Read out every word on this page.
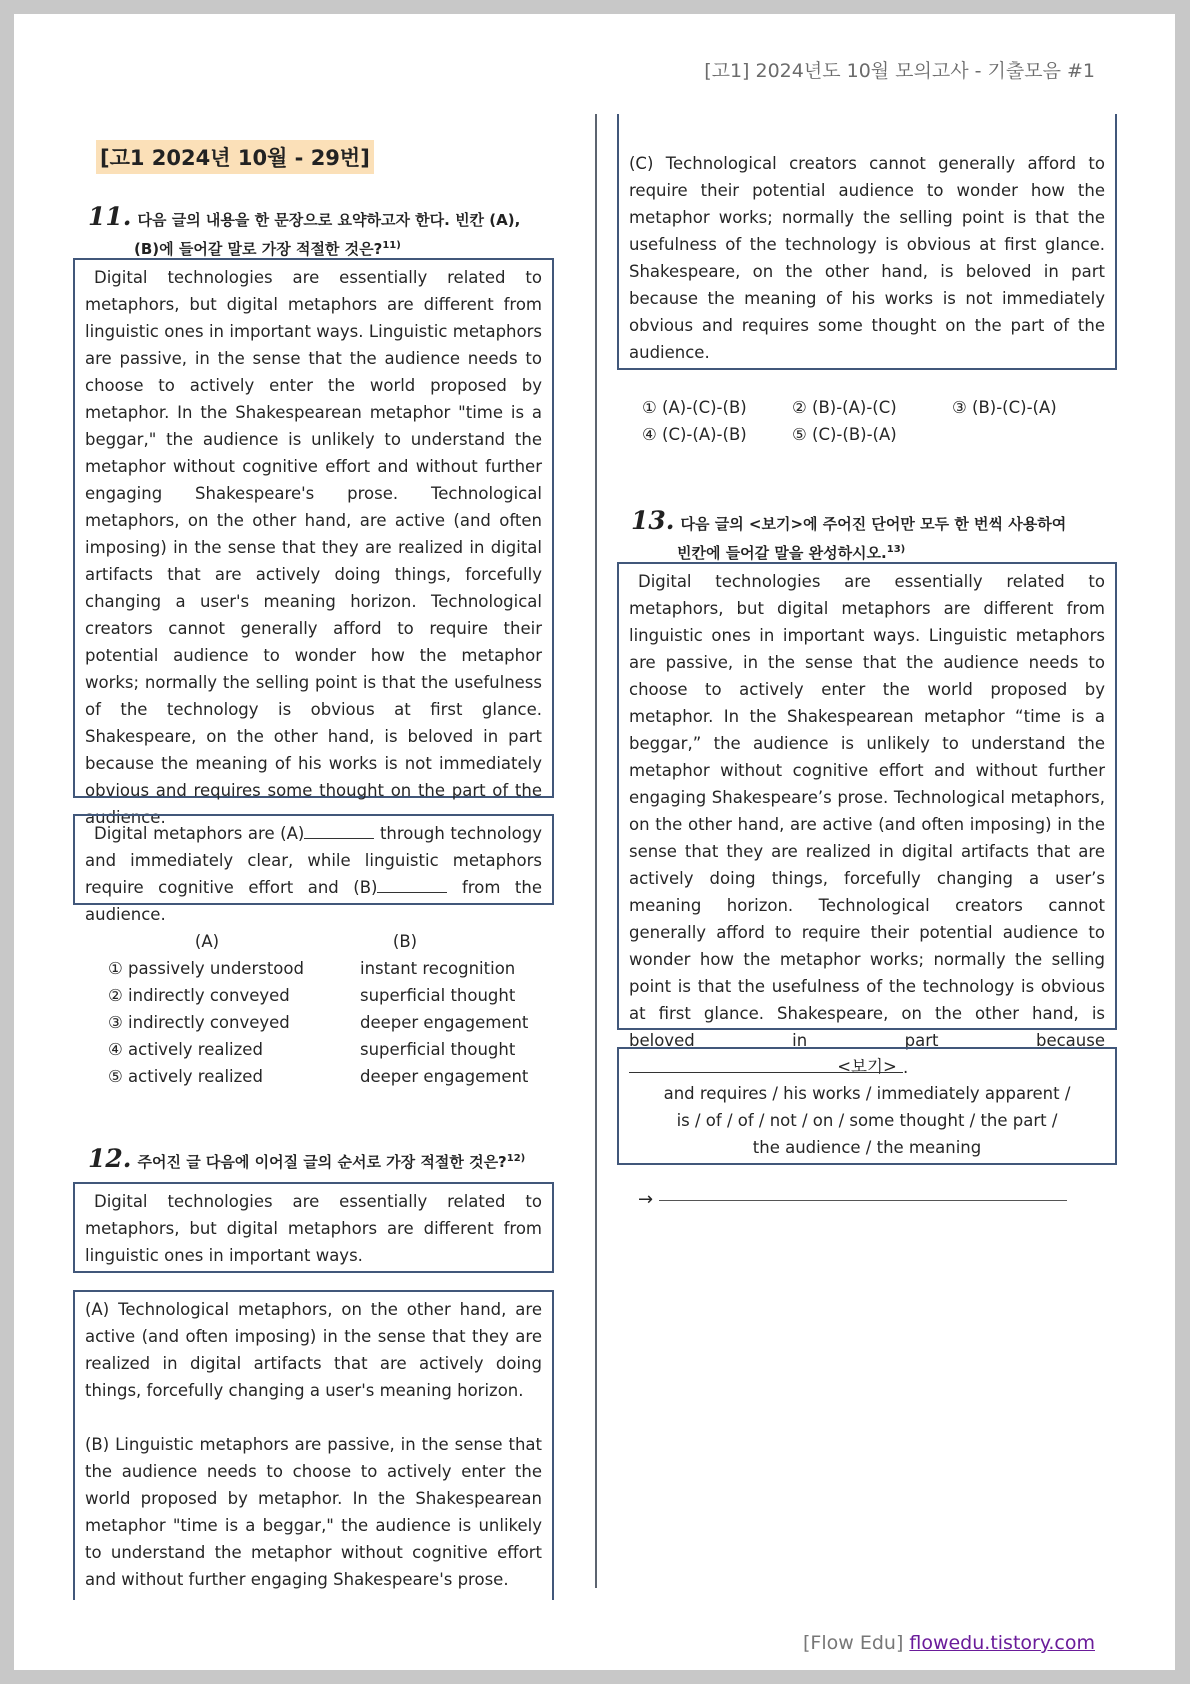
[고1] 2024년도 10월 모의고사 - 기출모음 #1
[고1 2024년 10월 - 29번]
11. 다음 글의 내용을 한 문장으로 요약하고자 한다. 빈칸 (A),
(B)에 들어갈 말로 가장 적절한 것은?$^{11)}$

Digital technologies are essentially related to metaphors, but digital metaphors are different from linguistic ones in important ways. Linguistic metaphors are passive, in the sense that the audience needs to choose to actively enter the world proposed by metaphor. In the Shakespearean metaphor "time is a beggar," the audience is unlikely to understand the metaphor without cognitive effort and without further engaging Shakespeare's prose. Technological metaphors, on the other hand, are active (and often imposing) in the sense that they are realized in digital artifacts that are actively doing things, forcefully changing a user's meaning horizon. Technological creators cannot generally afford to require their potential audience to wonder how the metaphor works; normally the selling point is that the usefulness of the technology is obvious at first glance. Shakespeare, on the other hand, is beloved in part because the meaning of his works is not immediately obvious and requires some thought on the part of the audience.

Digital metaphors are (A)	through technology and immediately clear, while linguistic metaphors require cognitive effort and (B)	from the audience.

(A)	(B)
① passively understood	instant recognition
② indirectly conveyed	superficial thought
③ indirectly conveyed	deeper engagement
④ actively realized	superficial thought
⑤ actively realized	deeper engagement
12. 주어진 글 다음에 이어질 글의 순서로 가장 적절한 것은?$^{12)}$

Digital technologies are essentially related to metaphors, but digital metaphors are different from linguistic ones in important ways.

(A) Technological metaphors, on the other hand, are active (and often imposing) in the sense that they are realized in digital artifacts that are actively doing things, forcefully changing a user's meaning horizon.

(B) Linguistic metaphors are passive, in the sense that the audience needs to choose to actively enter the world proposed by metaphor. In the Shakespearean metaphor "time is a beggar," the audience is unlikely to understand the metaphor without cognitive effort and without further engaging Shakespeare's prose.

(C) Technological creators cannot generally afford to require their potential audience to wonder how the metaphor works; normally the selling point is that the usefulness of the technology is obvious at first glance. Shakespeare, on the other hand, is beloved in part because the meaning of his works is not immediately obvious and requires some thought on the part of the audience.

① (A)-(C)-(B)	② (B)-(A)-(C)	③ (B)-(C)-(A)
④ (C)-(A)-(B)	⑤ (C)-(B)-(A)
13. 다음 글의 <보기>에 주어진 단어만 모두 한 번씩 사용하여
빈칸에 들어갈 말을 완성하시오.$^{13)}$

Digital technologies are essentially related to metaphors, but digital metaphors are different from linguistic ones in important ways. Linguistic metaphors are passive, in the sense that the audience needs to choose to actively enter the world proposed by metaphor. In the Shakespearean metaphor “time is a beggar,” the audience is unlikely to understand the metaphor without cognitive effort and without further engaging Shakespeare’s prose. Technological metaphors, on the other hand, are active (and often imposing) in the sense that they are realized in digital artifacts that are actively doing things, forcefully changing a user’s meaning horizon. Technological creators cannot generally afford to require their potential audience to wonder how the metaphor works; normally the selling point is that the usefulness of the technology is obvious at first glance. Shakespeare, on the other hand, is beloved in part because .

<보기>
and requires / his works / immediately apparent /
is / of / of / not / on / some thought / the part /
the audience / the meaning
→
[Flow Edu] flowedu.tistory.com
